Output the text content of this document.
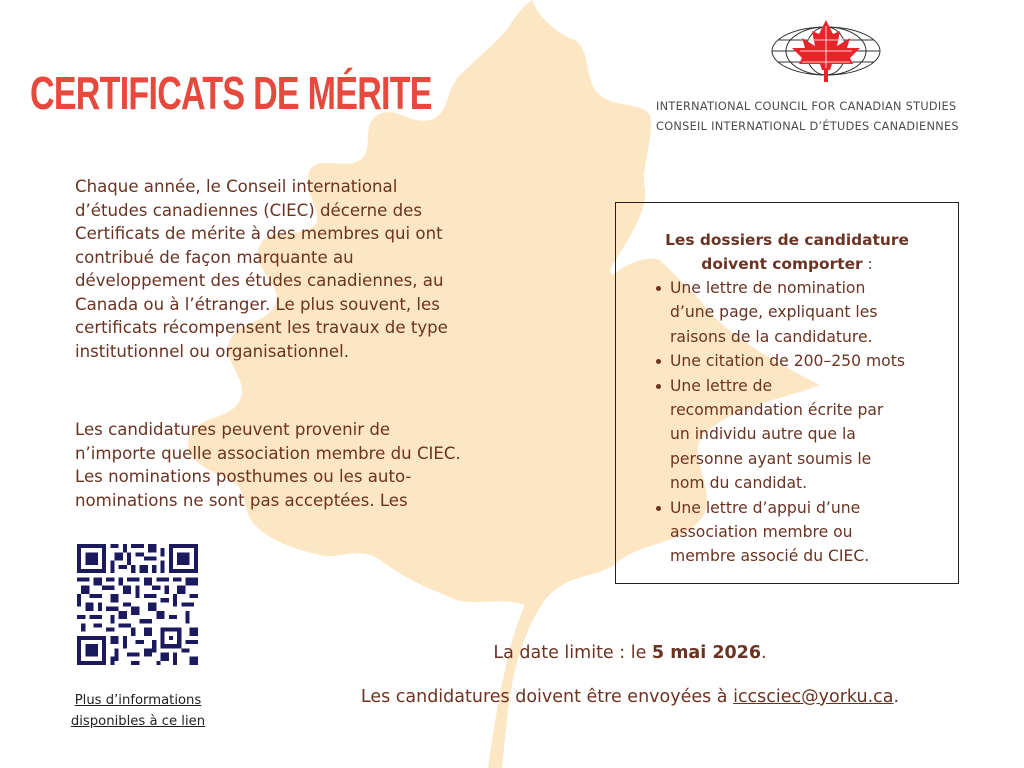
CERTIFICATS DE MÉRITE	INTERNATIONAL COUNCIL FOR CANADIAN STUDIES
CONSEIL INTERNATIONAL D’ÉTUDES CANADIENNES

Chaque année, le Conseil international
d’études canadiennes (CIEC) décerne des
Certificats de mérite à des membres qui ont
contribué de façon marquante au
développement des études canadiennes, au
Canada ou à l’étranger. Le plus souvent, les
certificats récompensent les travaux de type
institutionnel ou organisationnel.

Les candidatures peuvent provenir de
n’importe quelle association membre du CIEC.
Les nominations posthumes ou les auto-
nominations ne sont pas acceptées. Les

Les dossiers de candidature
doivent comporter :
Une lettre de nomination
d’une page, expliquant les
raisons de la candidature.
Une citation de 200–250 mots
Une lettre de
recommandation écrite par
un individu autre que la
personne ayant soumis le
nom du candidat.
Une lettre d’appui d’une
association membre ou
membre associé du CIEC.
Plus d’informations
disponibles à ce lien
La date limite : le 5 mai 2026.
Les candidatures doivent être envoyées à iccsciec@yorku.ca.
